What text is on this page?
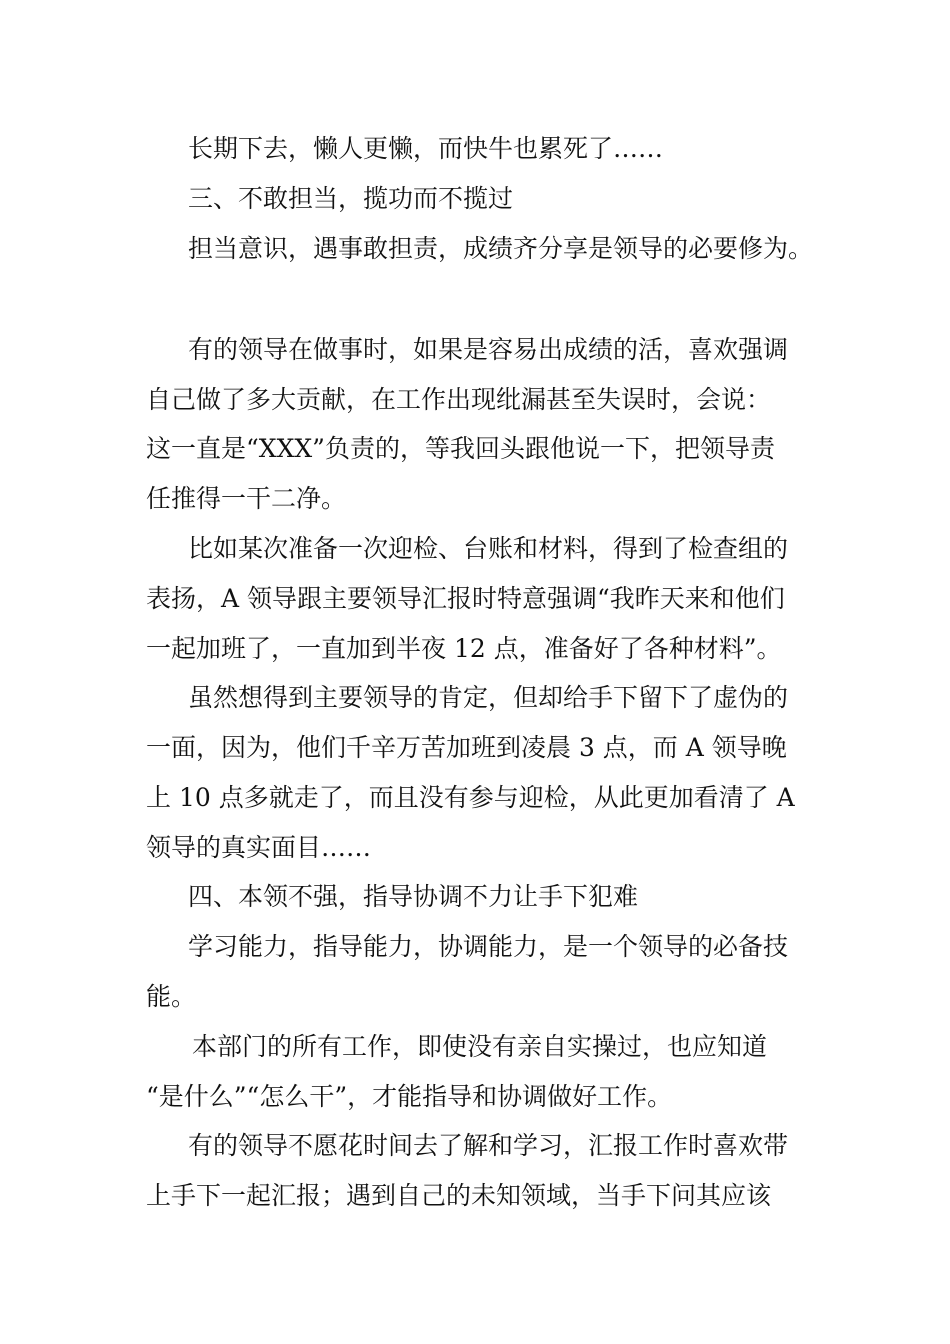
长期下去，懒人更懒，而快牛也累死了……
三、不敢担当，揽功而不揽过
担当意识，遇事敢担责，成绩齐分享是领导的必要修为。
有的领导在做事时，如果是容易出成绩的活，喜欢强调
自己做了多大贡献，在工作出现纰漏甚至失误时，会说：
这一直是“XXX”负责的，等我回头跟他说一下，把领导责
任推得一干二净。
比如某次准备一次迎检、台账和材料，得到了检查组的
表扬，A 领导跟主要领导汇报时特意强调“我昨天来和他们
一起加班了，一直加到半夜 12 点，准备好了各种材料”。
虽然想得到主要领导的肯定，但却给手下留下了虚伪的
一面，因为，他们千辛万苦加班到凌晨 3 点，而 A 领导晚
上 10 点多就走了，而且没有参与迎检，从此更加看清了 A
领导的真实面目……
四、本领不强，指导协调不力让手下犯难
学习能力，指导能力，协调能力，是一个领导的必备技
能。
本部门的所有工作，即使没有亲自实操过，也应知道
“是什么”“怎么干”，才能指导和协调做好工作。
有的领导不愿花时间去了解和学习，汇报工作时喜欢带
上手下一起汇报；遇到自己的未知领域，当手下问其应该
